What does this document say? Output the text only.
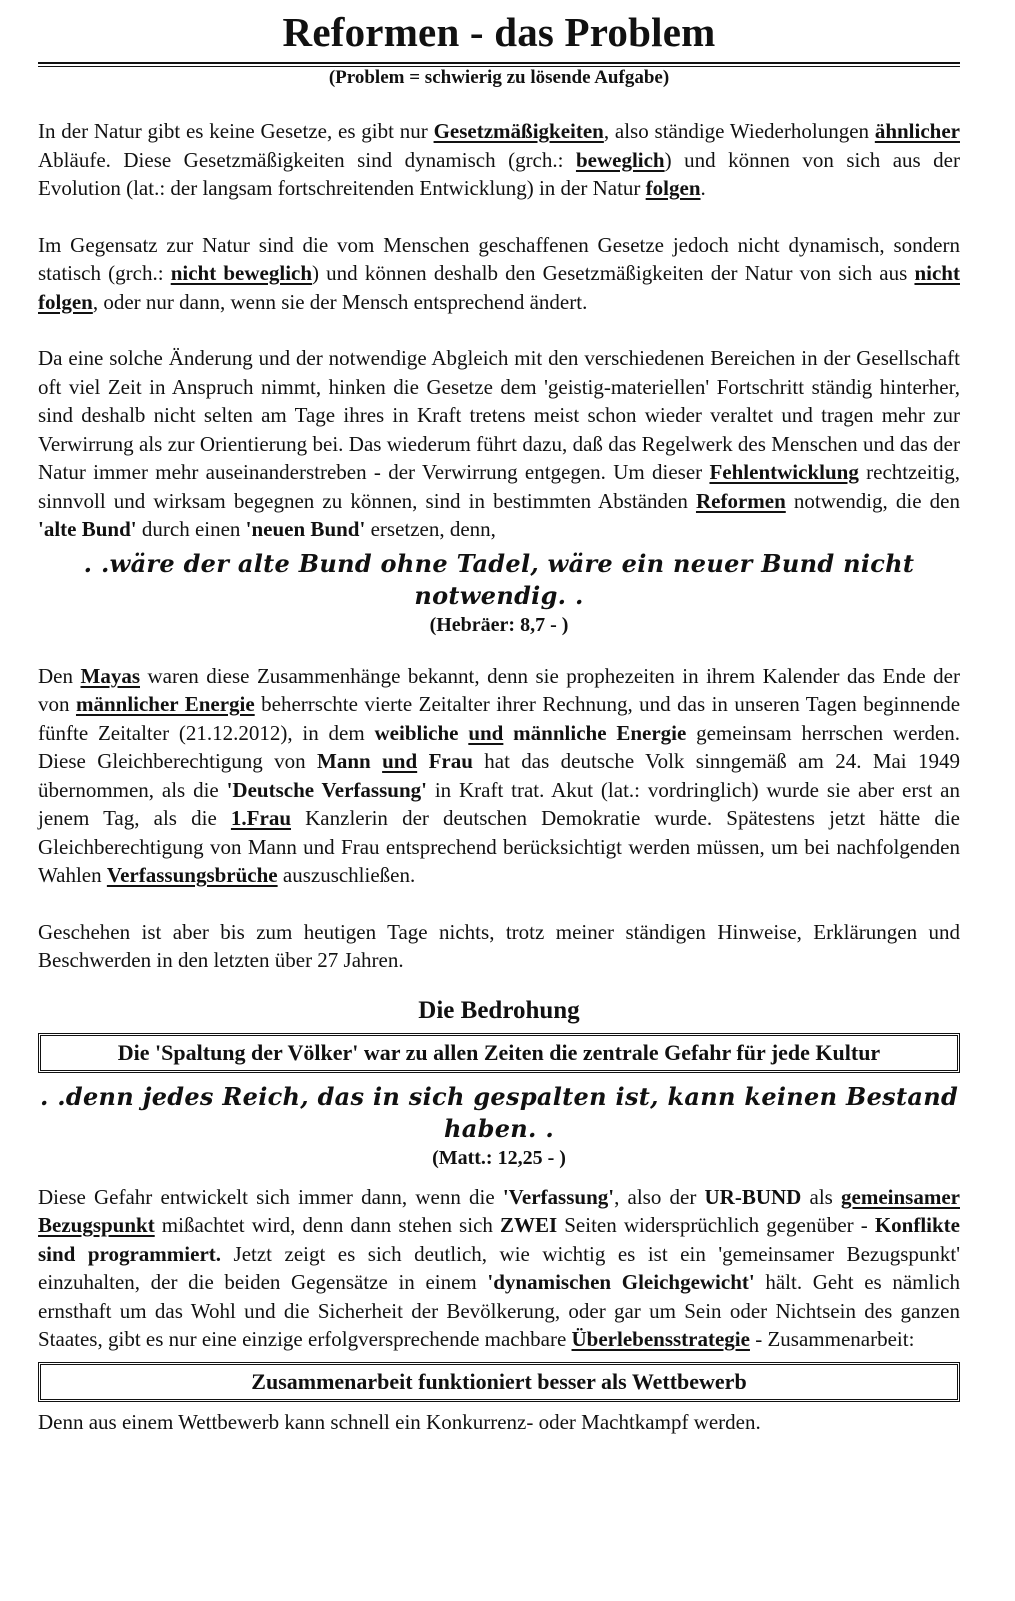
Reformen - das Problem
(Problem = schwierig zu lösende Aufgabe)

In der Natur gibt es keine Gesetze, es gibt nur Gesetzmäßigkeiten, also ständige Wiederholungen ähnlicher Abläufe. Diese Gesetzmäßigkeiten sind dynamisch (grch.: beweglich) und können von sich aus der Evolution (lat.: der langsam fortschreitenden Entwicklung) in der Natur folgen.

Im Gegensatz zur Natur sind die vom Menschen geschaffenen Gesetze jedoch nicht dynamisch, sondern statisch (grch.: nicht beweglich) und können deshalb den Gesetzmäßigkeiten der Natur von sich aus nicht folgen, oder nur dann, wenn sie der Mensch entsprechend ändert.

Da eine solche Änderung und der notwendige Abgleich mit den verschiedenen Bereichen in der Gesellschaft oft viel Zeit in Anspruch nimmt, hinken die Gesetze dem 'geistig-materiellen' Fortschritt ständig hinterher, sind deshalb nicht selten am Tage ihres in Kraft tretens meist schon wieder veraltet und tragen mehr zur Verwirrung als zur Orientierung bei. Das wiederum führt dazu, daß das Regelwerk des Menschen und das der Natur immer mehr auseinanderstreben - der Verwirrung entgegen. Um dieser Fehlentwicklung rechtzeitig, sinnvoll und wirksam begegnen zu können, sind in bestimmten Abständen Reformen notwendig, die den 'alte Bund' durch einen 'neuen Bund' ersetzen, denn,

. .wäre der alte Bund ohne Tadel, wäre ein neuer Bund nicht notwendig. .
(Hebräer: 8,7 - )

Den Mayas waren diese Zusammenhänge bekannt, denn sie prophezeiten in ihrem Kalender das Ende der von männlicher Energie beherrschte vierte Zeitalter ihrer Rechnung, und das in unseren Tagen beginnende fünfte Zeitalter (21.12.2012), in dem weibliche und männliche Energie gemeinsam herrschen werden. Diese Gleichberechtigung von Mann und Frau hat das deutsche Volk sinngemäß am 24. Mai 1949 übernommen, als die 'Deutsche Verfassung' in Kraft trat. Akut (lat.: vordringlich) wurde sie aber erst an jenem Tag, als die 1.Frau Kanzlerin der deutschen Demokratie wurde. Spätestens jetzt hätte die Gleichberechtigung von Mann und Frau entsprechend berücksichtigt werden müssen, um bei nachfolgenden Wahlen Verfassungsbrüche auszuschließen.

Geschehen ist aber bis zum heutigen Tage nichts, trotz meiner ständigen Hinweise, Erklärungen und Beschwerden in den letzten über 27 Jahren.

Die Bedrohung
Die 'Spaltung der Völker' war zu allen Zeiten die zentrale Gefahr für jede Kultur
. .denn jedes Reich, das in sich gespalten ist, kann keinen Bestand haben. .
(Matt.: 12,25 - )

Diese Gefahr entwickelt sich immer dann, wenn die 'Verfassung', also der UR-BUND als gemeinsamer Bezugspunkt mißachtet wird, denn dann stehen sich ZWEI Seiten widersprüchlich gegenüber - Konflikte sind programmiert. Jetzt zeigt es sich deutlich, wie wichtig es ist ein 'gemeinsamer Bezugspunkt' einzuhalten, der die beiden Gegensätze in einem 'dynamischen Gleichgewicht' hält. Geht es nämlich ernsthaft um das Wohl und die Sicherheit der Bevölkerung, oder gar um Sein oder Nichtsein des ganzen Staates, gibt es nur eine einzige erfolgversprechende machbare Überlebensstrategie - Zusammenarbeit:

Zusammenarbeit funktioniert besser als Wettbewerb

Denn aus einem Wettbewerb kann schnell ein Konkurrenz- oder Machtkampf werden.
